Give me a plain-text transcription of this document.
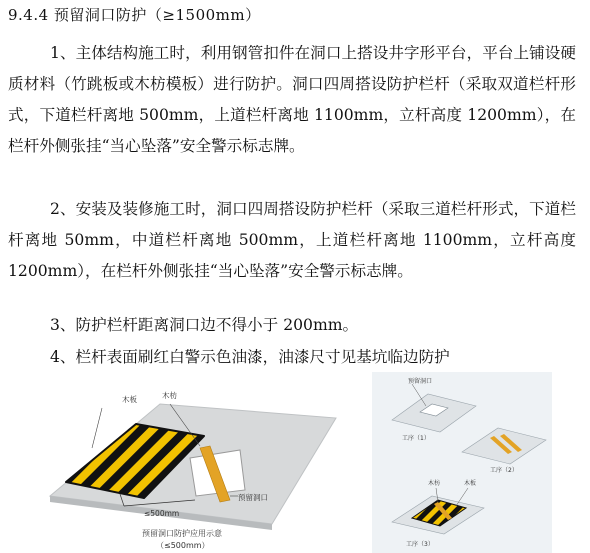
9.4.4 预留洞口防护（≥1500mm）
1、主体结构施工时，利用钢管扣件在洞口上搭设井字形平台，平台上铺设硬质材料（竹跳板或木枋模板）进行防护。洞口四周搭设防护栏杆（采取双道栏杆形式，下道栏杆离地 500mm，上道栏杆离地 1100mm，立杆高度 1200mm），在栏杆外侧张挂“当心坠落”安全警示标志牌。
2、安装及装修施工时，洞口四周搭设防护栏杆（采取三道栏杆形式，下道栏杆离地 50mm，中道栏杆离地 500mm，上道栏杆离地 1100mm，立杆高度 1200mm），在栏杆外侧张挂“当心坠落”安全警示标志牌。
3、防护栏杆距离洞口边不得小于 200mm。
4、栏杆表面刷红白警示色油漆，油漆尺寸见基坑临边防护
木板	木枋
≤500mm
预留洞口
预留洞口防护应用示意
（≤500mm）
预留洞口
工序（1）
工序（2）
木枋	木板
工序（3）
